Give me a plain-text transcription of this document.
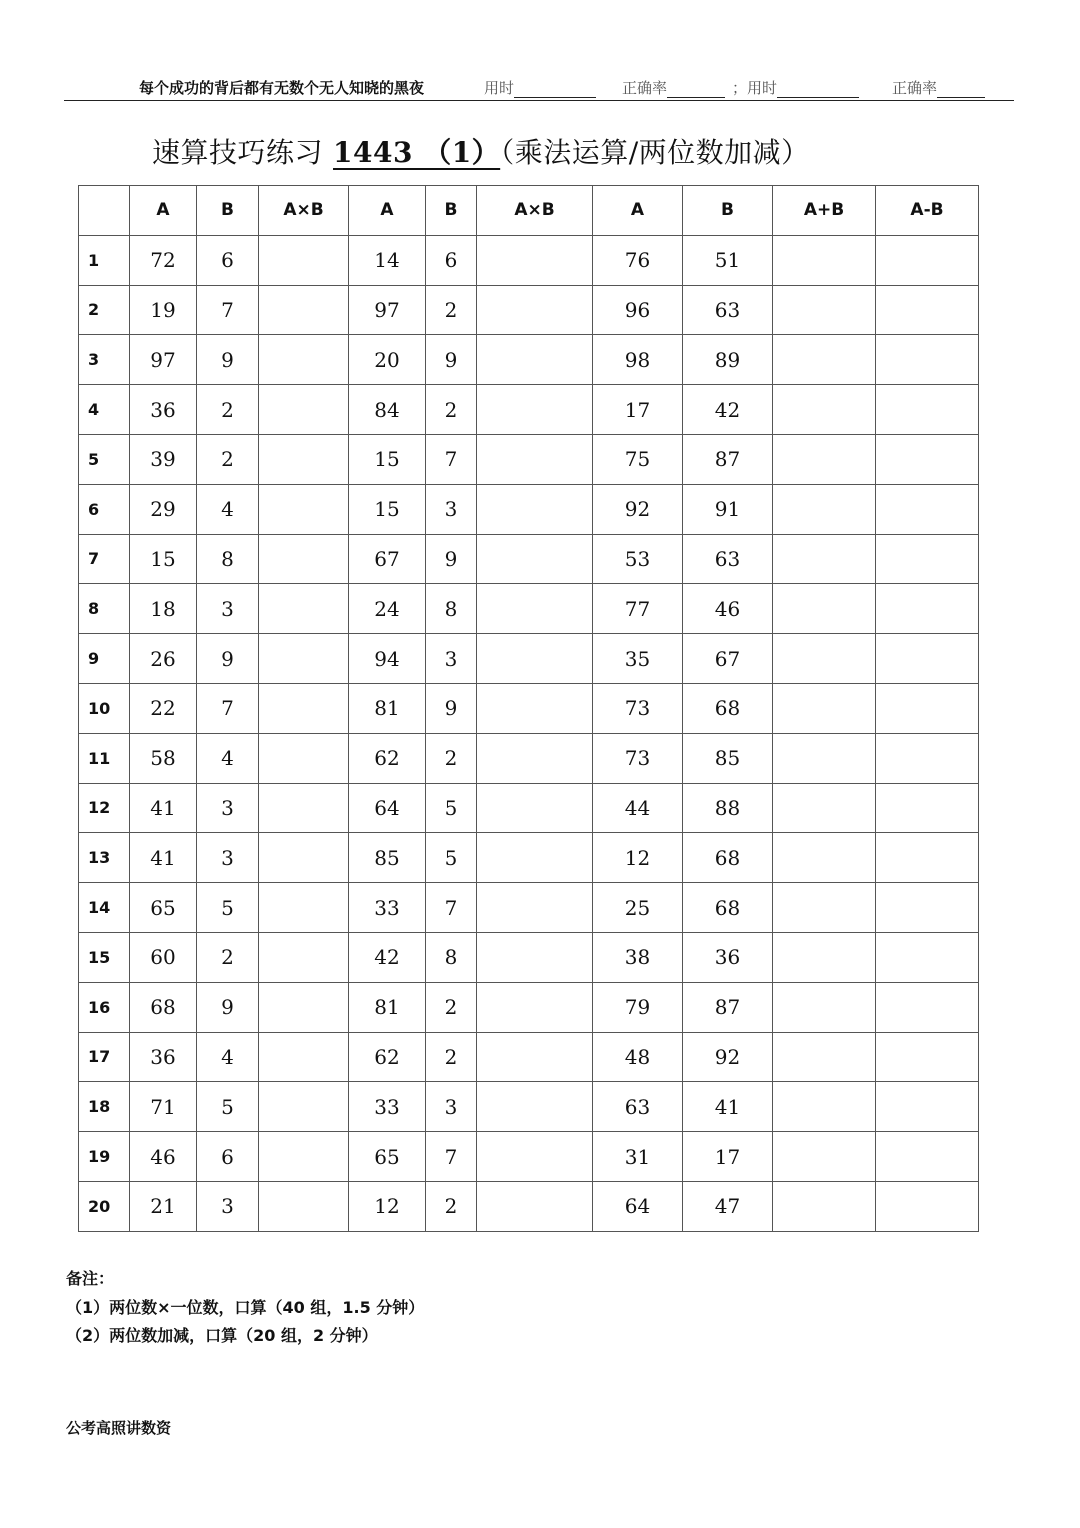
每个成功的背后都有无数个无人知晓的黑夜	用时	正确率	；用时	正确率
速算技巧练习 1443 （1）（乘法运算/两位数加减）
	A	B	A×B	A	B	A×B	A	B	A+B	A-B
1	72	6		14	6		76	51		
2	19	7		97	2		96	63		
3	97	9		20	9		98	89		
4	36	2		84	2		17	42		
5	39	2		15	7		75	87		
6	29	4		15	3		92	91		
7	15	8		67	9		53	63		
8	18	3		24	8		77	46		
9	26	9		94	3		35	67		
10	22	7		81	9		73	68		
11	58	4		62	2		73	85		
12	41	3		64	5		44	88		
13	41	3		85	5		12	68		
14	65	5		33	7		25	68		
15	60	2		42	8		38	36		
16	68	9		81	2		79	87		
17	36	4		62	2		48	92		
18	71	5		33	3		63	41		
19	46	6		65	7		31	17		
20	21	3		12	2		64	47		
备注：
（1）两位数×一位数，口算（40 组，1.5 分钟）
（2）两位数加减，口算（20 组，2 分钟）
公考高照讲数资
